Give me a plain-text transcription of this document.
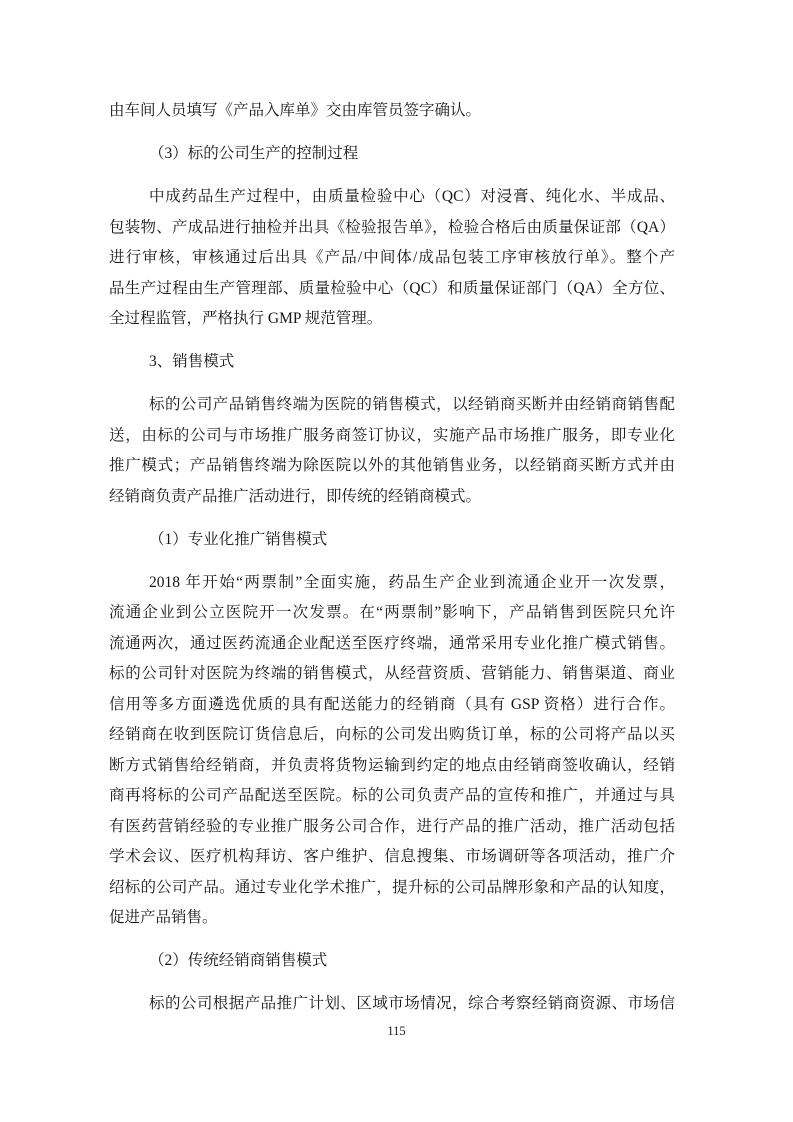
由车间人员填写《产品入库单》交由库管员签字确认。
（3）标的公司生产的控制过程
中成药品生产过程中，由质量检验中心（QC）对浸膏、纯化水、半成品、
包装物、产成品进行抽检并出具《检验报告单》，检验合格后由质量保证部（QA）
进行审核，审核通过后出具《产品/中间体/成品包装工序审核放行单》。整个产
品生产过程由生产管理部、质量检验中心（QC）和质量保证部门（QA）全方位、
全过程监管，严格执行 GMP 规范管理。
3、销售模式
标的公司产品销售终端为医院的销售模式，以经销商买断并由经销商销售配
送，由标的公司与市场推广服务商签订协议，实施产品市场推广服务，即专业化
推广模式；产品销售终端为除医院以外的其他销售业务，以经销商买断方式并由
经销商负责产品推广活动进行，即传统的经销商模式。
（1）专业化推广销售模式
2018 年开始“两票制”全面实施，药品生产企业到流通企业开一次发票，
流通企业到公立医院开一次发票。在“两票制”影响下，产品销售到医院只允许
流通两次，通过医药流通企业配送至医疗终端，通常采用专业化推广模式销售。
标的公司针对医院为终端的销售模式，从经营资质、营销能力、销售渠道、商业
信用等多方面遴选优质的具有配送能力的经销商（具有 GSP 资格）进行合作。
经销商在收到医院订货信息后，向标的公司发出购货订单，标的公司将产品以买
断方式销售给经销商，并负责将货物运输到约定的地点由经销商签收确认，经销
商再将标的公司产品配送至医院。标的公司负责产品的宣传和推广，并通过与具
有医药营销经验的专业推广服务公司合作，进行产品的推广活动，推广活动包括
学术会议、医疗机构拜访、客户维护、信息搜集、市场调研等各项活动，推广介
绍标的公司产品。通过专业化学术推广，提升标的公司品牌形象和产品的认知度，
促进产品销售。
（2）传统经销商销售模式
标的公司根据产品推广计划、区域市场情况，综合考察经销商资源、市场信
115
